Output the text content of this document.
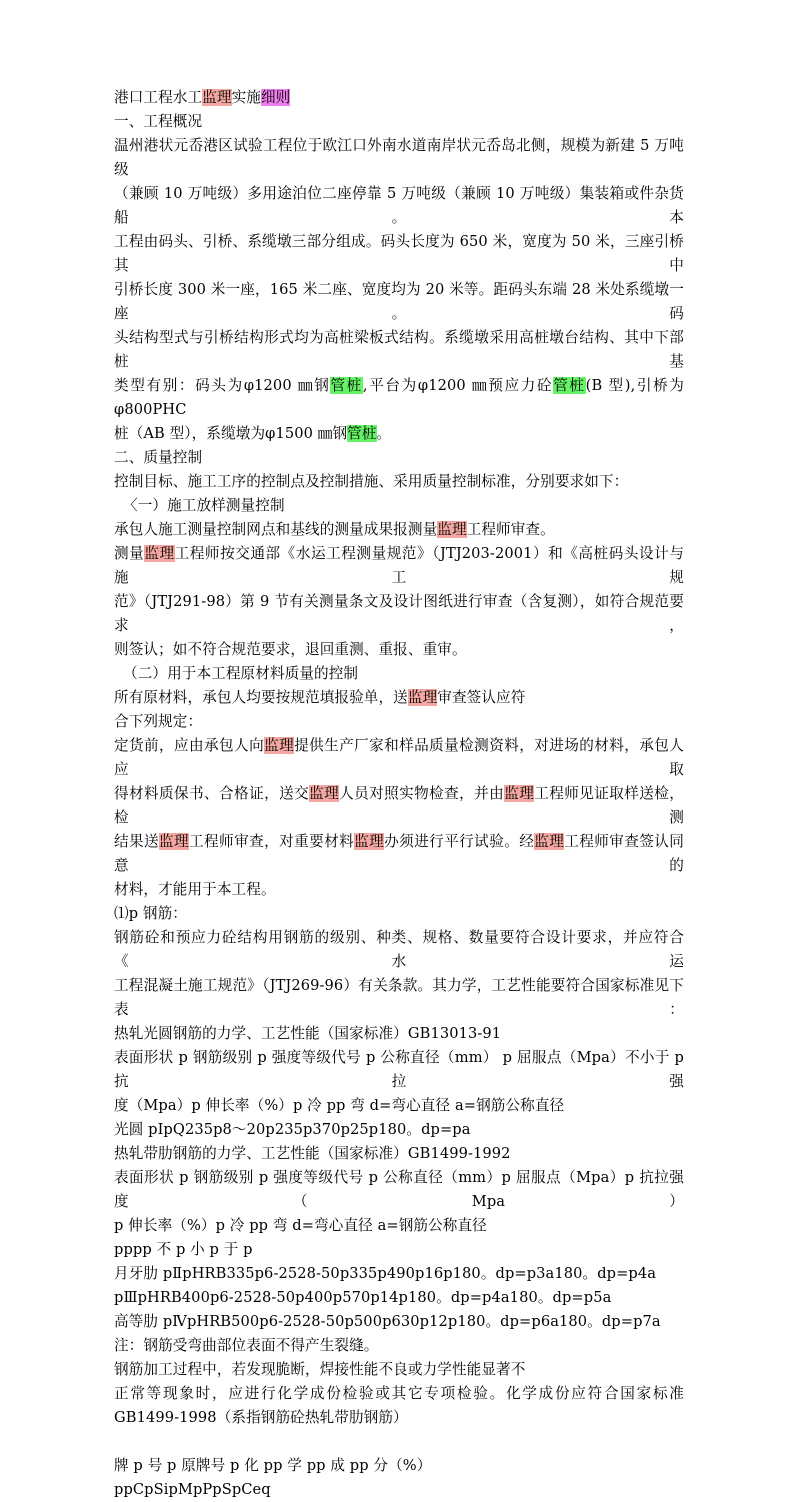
港口工程水工监理实施细则
一、工程概况
温州港状元岙港区试验工程位于欧江口外南水道南岸状元岙岛北侧，规模为新建 5 万吨级
（兼顾 10 万吨级）多用途泊位二座停靠 5 万吨级（兼顾 10 万吨级）集装箱或件杂货船。本
工程由码头、引桥、系缆墩三部分组成。码头长度为 650 米，宽度为 50 米，三座引桥其中
引桥长度 300 米一座，165 米二座、宽度均为 20 米等。距码头东端 28 米处系缆墩一座。码
头结构型式与引桥结构形式均为高桩梁板式结构。系缆墩采用高桩墩台结构、其中下部桩基
类型有别：码头为φ1200 ㎜钢管桩,平台为φ1200 ㎜预应力砼管桩(B 型),引桥为φ800PHC
桩（AB 型），系缆墩为φ1500 ㎜钢管桩。
二、质量控制
控制目标、施工工序的控制点及控制措施、采用质量控制标准，分别要求如下：
〈一）施工放样测量控制
承包人施工测量控制网点和基线的测量成果报测量监理工程师审查。
测量监理工程师按交通部《水运工程测量规范》（JTJ203-2001）和《高桩码头设计与施工规
范》（JTJ291-98）第 9 节有关测量条文及设计图纸进行审查（含复测），如符合规范要求，
则签认；如不符合规范要求，退回重测、重报、重审。
（二）用于本工程原材料质量的控制
所有原材料，承包人均要按规范填报验单，送监理审查签认应符
合下列规定：
定货前，应由承包人向监理提供生产厂家和样品质量检测资料，对进场的材料，承包人应取
得材料质保书、合格证，送交监理人员对照实物检查，并由监理工程师见证取样送检，检测
结果送监理工程师审查，对重要材料监理办须进行平行试验。经监理工程师审查签认同意的
材料，才能用于本工程。
⑴p 钢筋：
钢筋砼和预应力砼结构用钢筋的级别、种类、规格、数量要符合设计要求，并应符合《水运
工程混凝土施工规范》（JTJ269-96）有关条款。其力学，工艺性能要符合国家标准见下表：
热轧光圆钢筋的力学、工艺性能（国家标准）GB13013-91
表面形状 p 钢筋级别 p 强度等级代号 p 公称直径（mm） p 屈服点（Mpa）不小于 p 抗拉强
度（Mpa）p 伸长率（%）p 冷 pp 弯 d=弯心直径 a=钢筋公称直径
光圆 pⅠpQ235p8～20p235p370p25p180。dp=pa
热轧带肋钢筋的力学、工艺性能（国家标准）GB1499-1992
表面形状 p 钢筋级别 p 强度等级代号 p 公称直径（mm）p 屈服点（Mpa）p 抗拉强度（Mpa）
p 伸长率（%）p 冷 pp 弯 d=弯心直径 a=钢筋公称直径
pppp 不 p 小 p 于 p
月牙肋 pⅡpHRB335p6-2528-50p335p490p16p180。dp=p3a180。dp=p4a
pⅢpHRB400p6-2528-50p400p570p14p180。dp=p4a180。dp=p5a
高等肋 pⅣpHRB500p6-2528-50p500p630p12p180。dp=p6a180。dp=p7a
注：钢筋受弯曲部位表面不得产生裂缝。
钢筋加工过程中，若发现脆断，焊接性能不良或力学性能显著不
正常等现象时，应进行化学成份检验或其它专项检验。化学成份应符合国家标准
GB1499-1998（系指钢筋砼热轧带肋钢筋）
牌 p 号 p 原牌号 p 化 pp 学 pp 成 pp 分（%）
ppCpSipMpPpSpCeq
